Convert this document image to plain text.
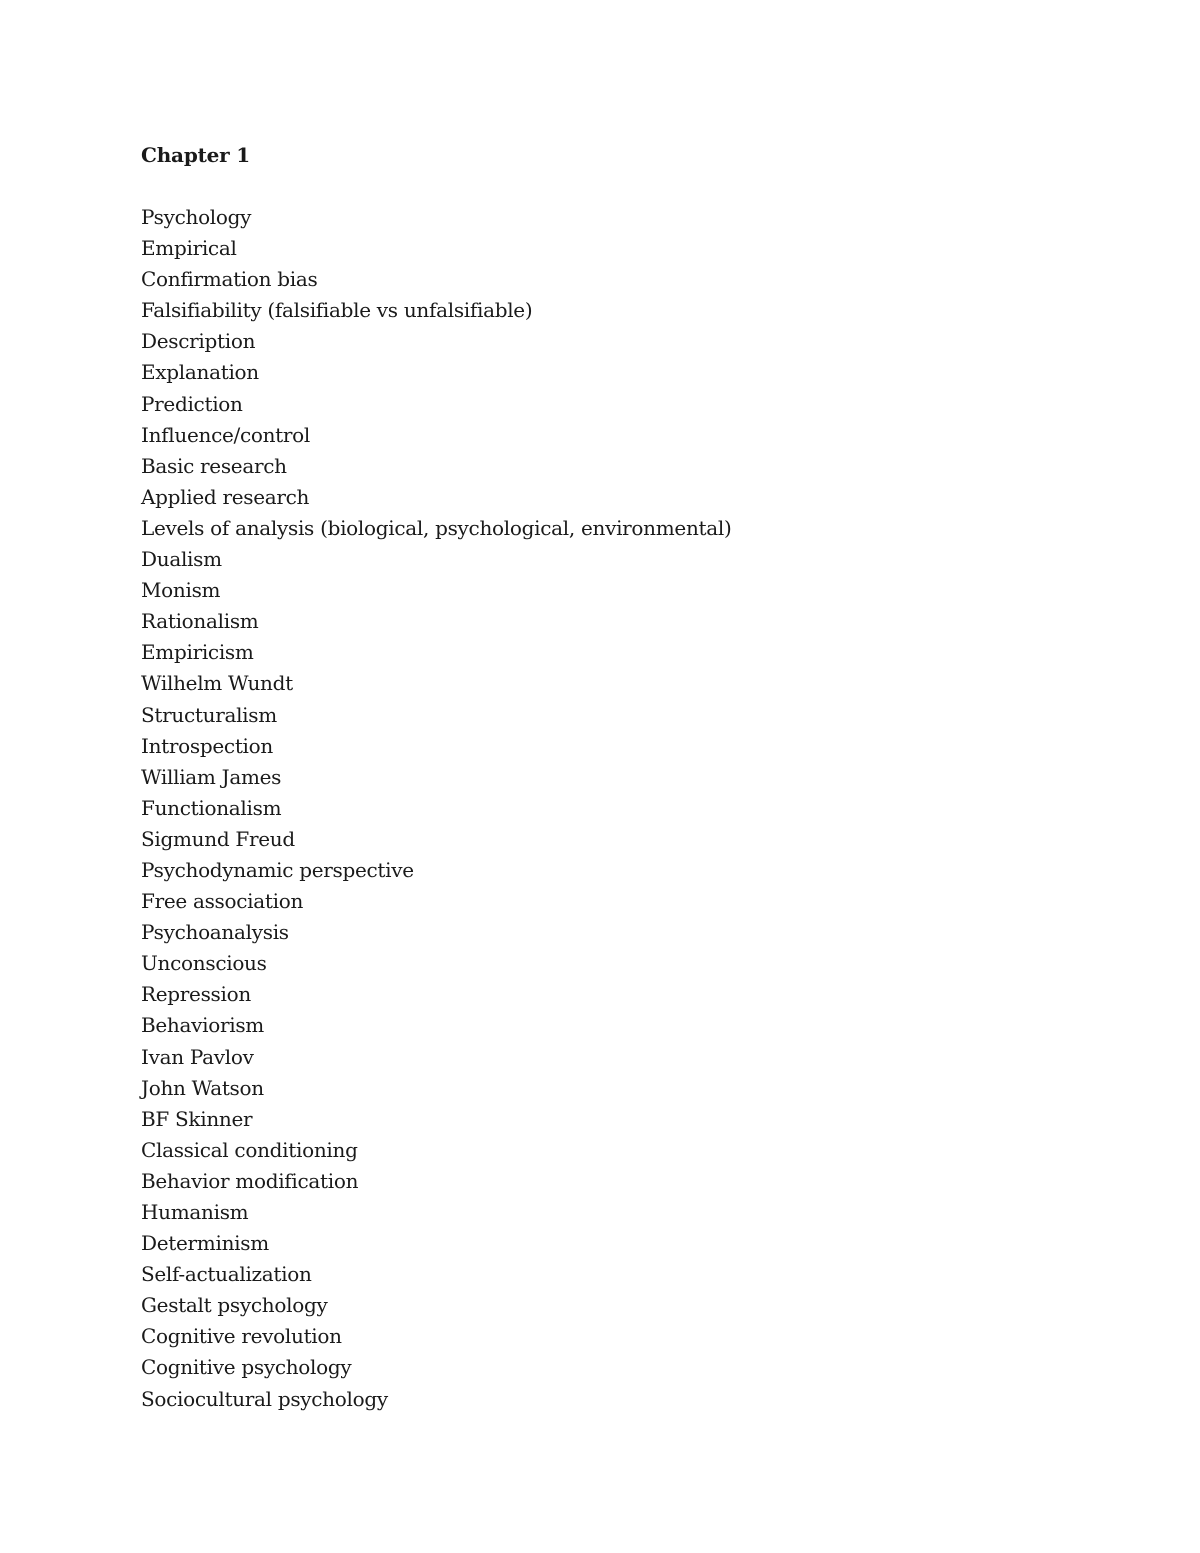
Chapter 1
Psychology
Empirical
Confirmation bias
Falsifiability (falsifiable vs unfalsifiable)
Description
Explanation
Prediction
Influence/control
Basic research
Applied research
Levels of analysis (biological, psychological, environmental)
Dualism
Monism
Rationalism
Empiricism
Wilhelm Wundt
Structuralism
Introspection
William James
Functionalism
Sigmund Freud
Psychodynamic perspective
Free association
Psychoanalysis
Unconscious
Repression
Behaviorism
Ivan Pavlov
John Watson
BF Skinner
Classical conditioning
Behavior modification
Humanism
Determinism
Self-actualization
Gestalt psychology
Cognitive revolution
Cognitive psychology
Sociocultural psychology
